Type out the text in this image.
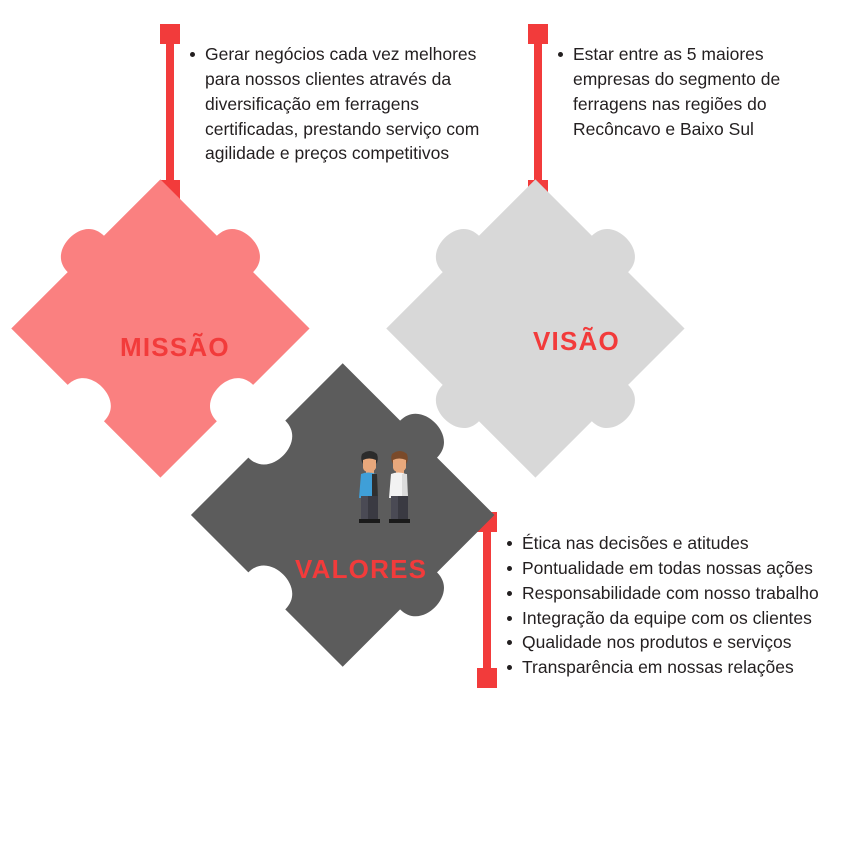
Gerar negócios cada vez melhores para nossos clientes através da diversificação em ferragens certificadas, prestando serviço com agilidade e preços competitivos
Estar entre as 5 maiores empresas do segmento de ferragens nas regiões do Recôncavo e Baixo Sul
Ética nas decisões e atitudes
Pontualidade em todas nossas ações
Responsabilidade com nosso trabalho
Integração da equipe com os clientes
Qualidade nos produtos e serviços
Transparência em nossas relações
VISÃO
MISSÃO
VALORES
